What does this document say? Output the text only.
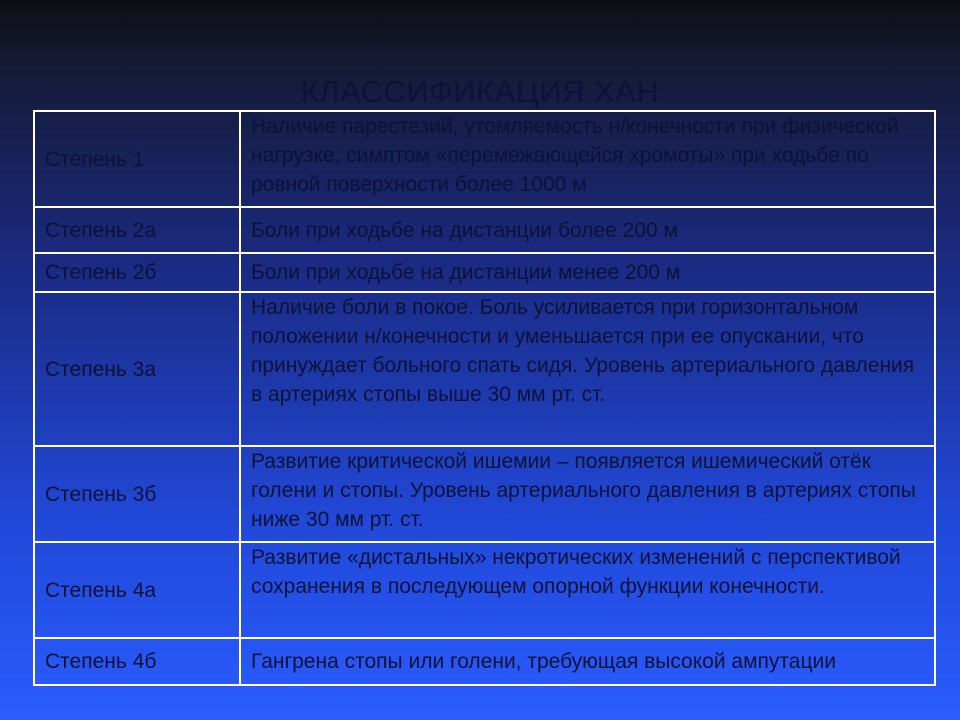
КЛАССИФИКАЦИЯ ХАН
Степень 1	Наличие парестезий, утомляемость н/конечности при физической нагрузке, симптом «перемежающейся хромоты» при ходьбе по ровной поверхности более 1000 м
Степень 2а	Боли при ходьбе на дистанции более 200 м
Степень 2б	Боли при ходьбе на дистанции менее 200 м
Степень 3а	Наличие боли в покое. Боль усиливается при горизонтальном положении н/конечности и уменьшается при ее опускании, что принуждает больного спать сидя. Уровень артериального давления в артериях стопы выше 30 мм рт. ст.
Степень 3б	Развитие критической ишемии – появляется ишемический отёк голени и стопы. Уровень артериального давления в артериях стопы ниже 30 мм рт. ст.
Степень 4а	Развитие «дистальных» некротических изменений с перспективой сохранения в последующем опорной функции конечности.
Степень 4б	Гангрена стопы или голени, требующая высокой ампутации
